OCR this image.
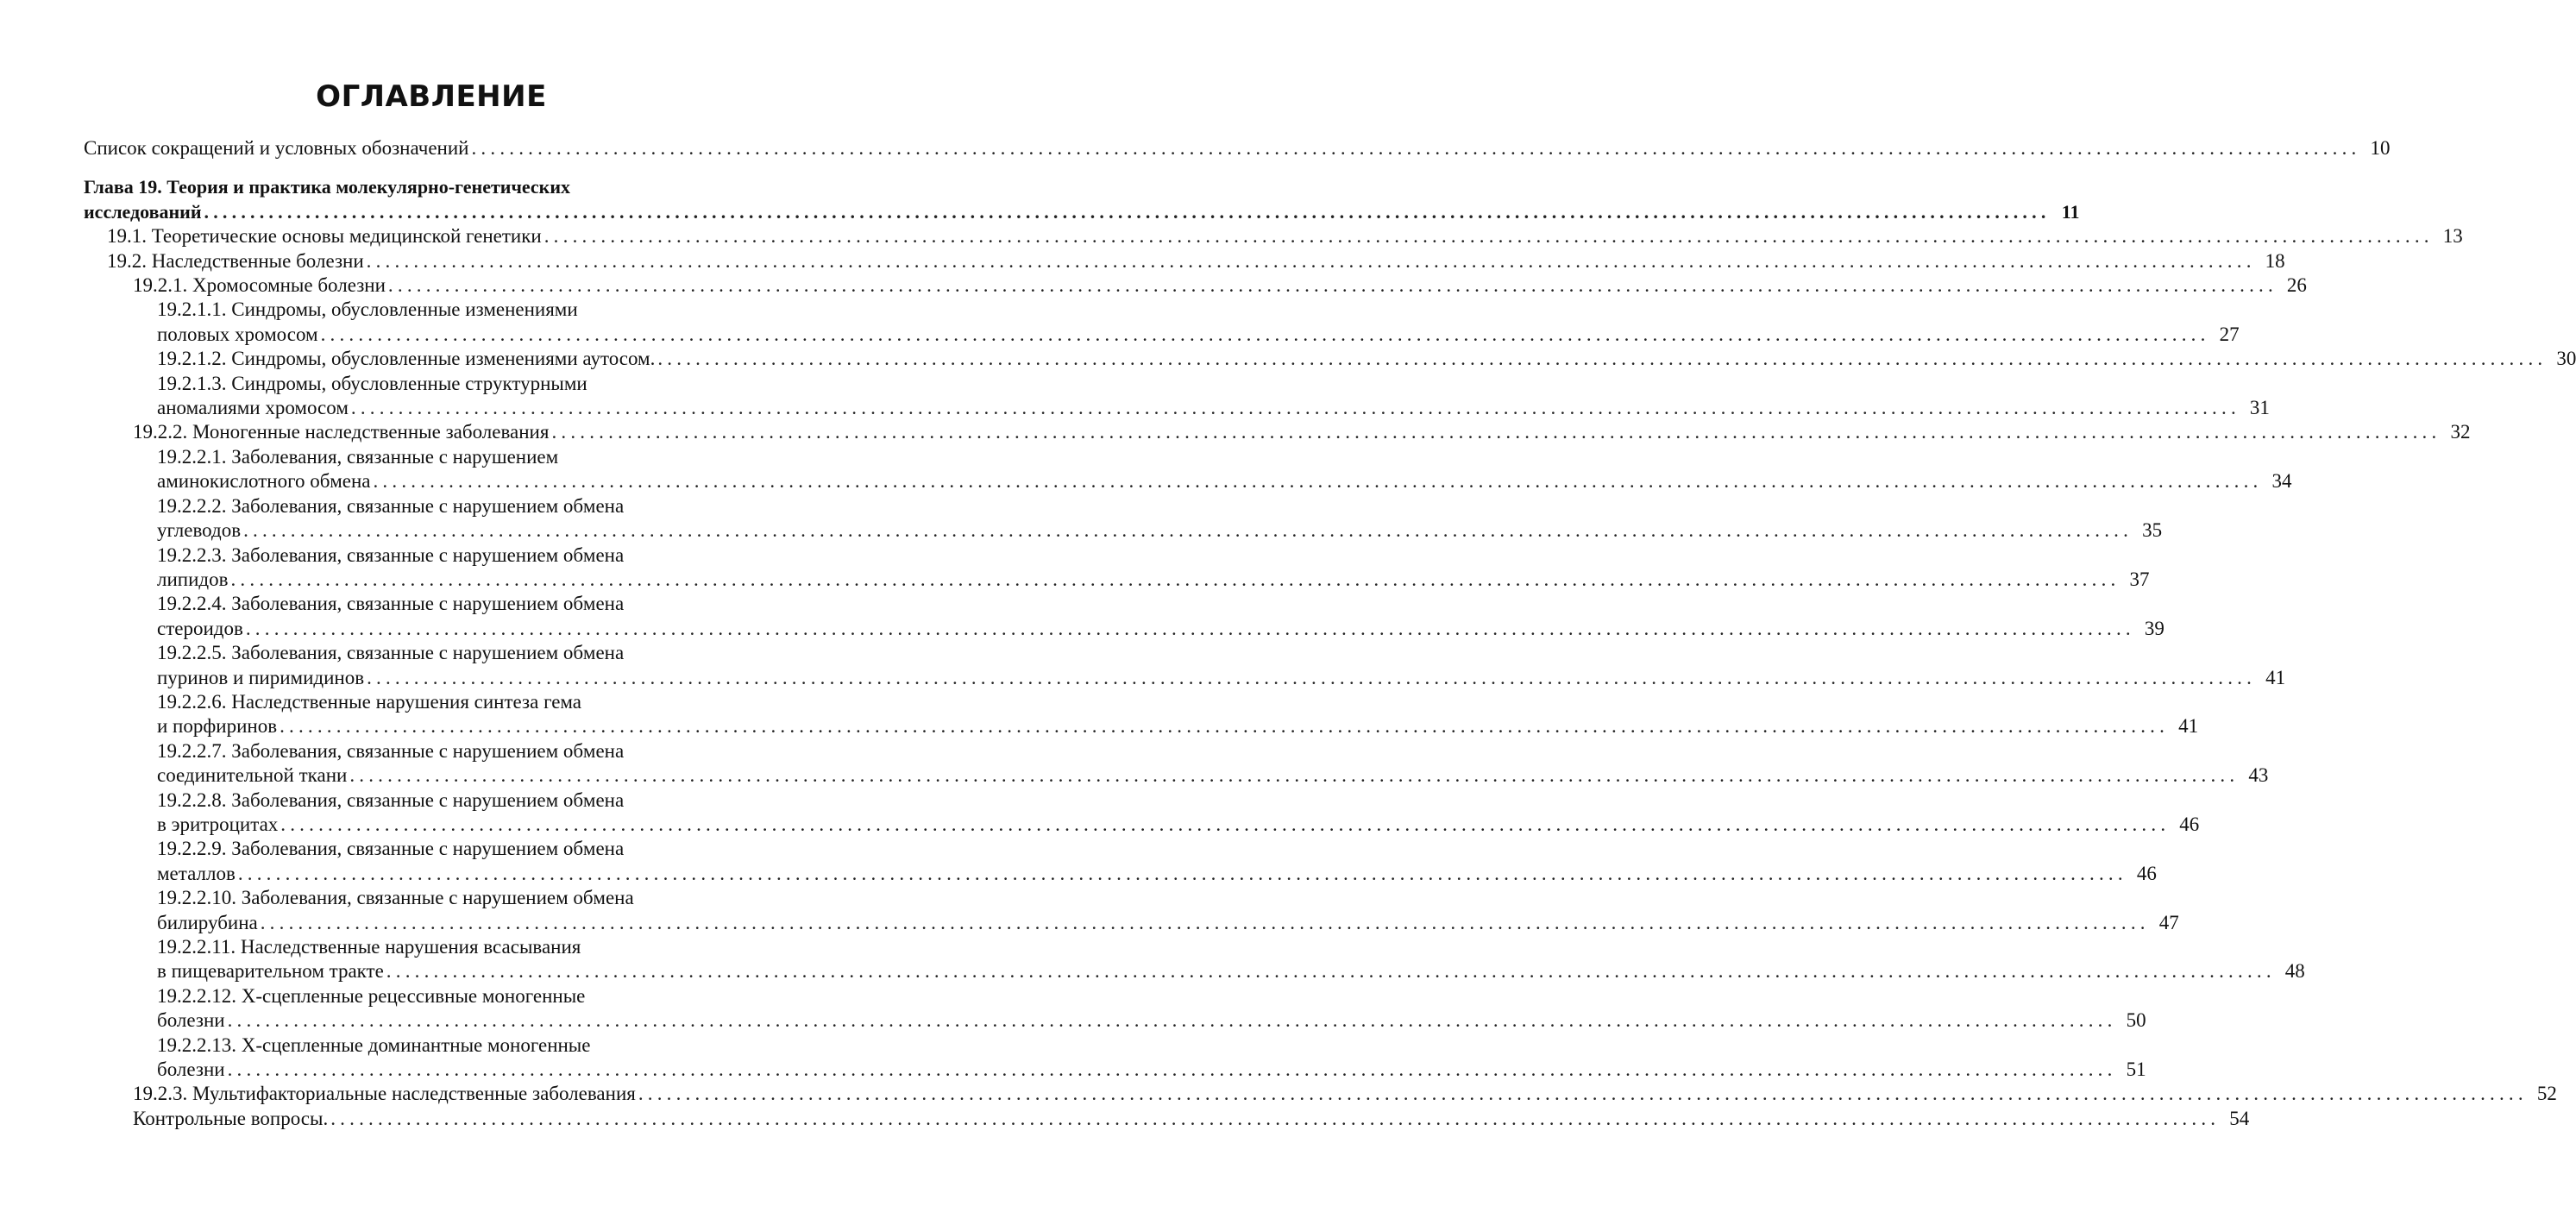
ОГЛАВЛЕНИЕ
Список сокращений и условных обозначений ........................................................................................................................................................................................................ 10
Глава 19. Теория и практика молекулярно-генетических
исследований ........................................................................................................................................................................................................ 11
19.1. Теоретические основы медицинской генетики ........................................................................................................................................................................................................ 13
19.2. Наследственные болезни ........................................................................................................................................................................................................ 18
19.2.1. Хромосомные болезни ........................................................................................................................................................................................................ 26
19.2.1.1. Синдромы, обусловленные изменениями
половых хромосом ........................................................................................................................................................................................................ 27
19.2.1.2. Синдромы, обусловленные изменениями аутосом. ........................................................................................................................................................................................................ 30
19.2.1.3. Синдромы, обусловленные структурными
аномалиями хромосом ........................................................................................................................................................................................................ 31
19.2.2. Моногенные наследственные заболевания ........................................................................................................................................................................................................ 32
19.2.2.1. Заболевания, связанные с нарушением
аминокислотного обмена ........................................................................................................................................................................................................ 34
19.2.2.2. Заболевания, связанные с нарушением обмена
углеводов ........................................................................................................................................................................................................ 35
19.2.2.3. Заболевания, связанные с нарушением обмена
липидов ........................................................................................................................................................................................................ 37
19.2.2.4. Заболевания, связанные с нарушением обмена
стероидов ........................................................................................................................................................................................................ 39
19.2.2.5. Заболевания, связанные с нарушением обмена
пуринов и пиримидинов ........................................................................................................................................................................................................ 41
19.2.2.6. Наследственные нарушения синтеза гема
и порфиринов ........................................................................................................................................................................................................ 41
19.2.2.7. Заболевания, связанные с нарушением обмена
соединительной ткани ........................................................................................................................................................................................................ 43
19.2.2.8. Заболевания, связанные с нарушением обмена
в эритроцитах ........................................................................................................................................................................................................ 46
19.2.2.9. Заболевания, связанные с нарушением обмена
металлов ........................................................................................................................................................................................................ 46
19.2.2.10. Заболевания, связанные с нарушением обмена
билирубина ........................................................................................................................................................................................................ 47
19.2.2.11. Наследственные нарушения всасывания
в пищеварительном тракте ........................................................................................................................................................................................................ 48
19.2.2.12. Х-сцепленные рецессивные моногенные
болезни ........................................................................................................................................................................................................ 50
19.2.2.13. Х-сцепленные доминантные моногенные
болезни ........................................................................................................................................................................................................ 51
19.2.3. Мультифакториальные наследственные заболевания ........................................................................................................................................................................................................ 52
Контрольные вопросы. ........................................................................................................................................................................................................ 54
